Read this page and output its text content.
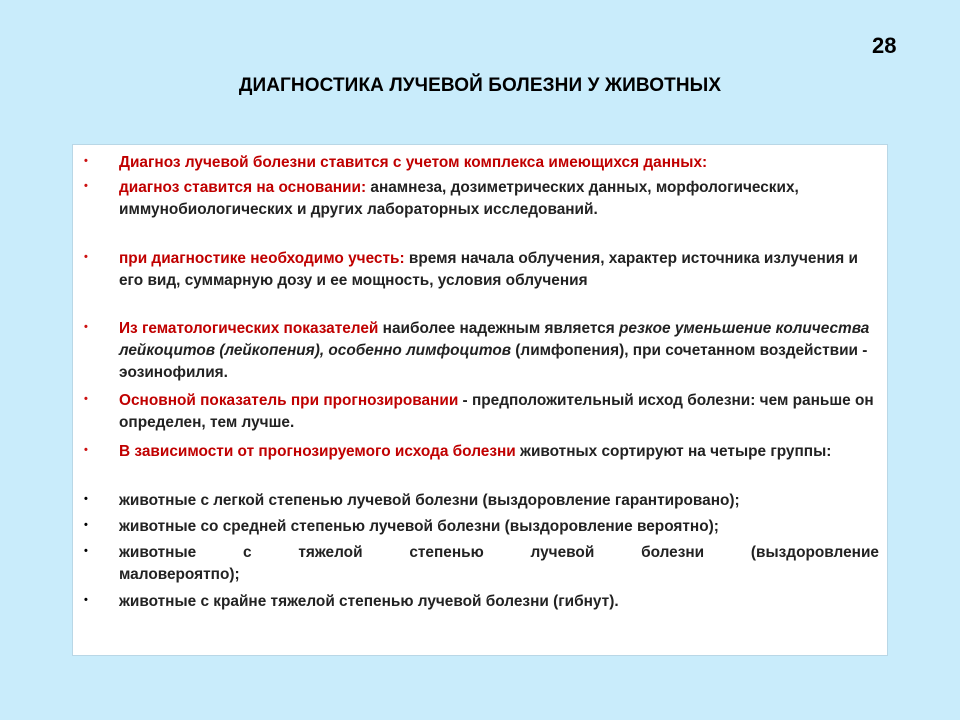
28
ДИАГНОСТИКА ЛУЧЕВОЙ БОЛЕЗНИ У ЖИВОТНЫХ
• Диагноз лучевой болезни ставится с учетом комплекса имеющихся данных:
• диагноз ставится на основании: анамнеза, дозиметрических данных, морфологических, иммунобиологических и других лабораторных исследований.
• при диагностике необходимо учесть: время начала облучения, характер источника излучения и его вид, суммарную дозу и ее мощность, условия облучения
• Из гематологических показателей наиболее надежным является резкое уменьшение количества лейкоцитов (лейкопения), особенно лимфоцитов (лимфопения), при сочетанном воздействии - эозинофилия.
• Основной показатель при прогнозировании - предположительный исход болезни: чем раньше он определен, тем лучше.
• В зависимости от прогнозируемого исхода болезни животных сортируют на четыре группы:
• животные с легкой степенью лучевой болезни (выздоровление гарантировано);
• животные со средней степенью лучевой болезни (выздоровление вероятно);
• животные с тяжелой степенью лучевой болезни (выздоровление
маловероятпо);
• животные с крайне тяжелой степенью лучевой болезни (гибнут).
